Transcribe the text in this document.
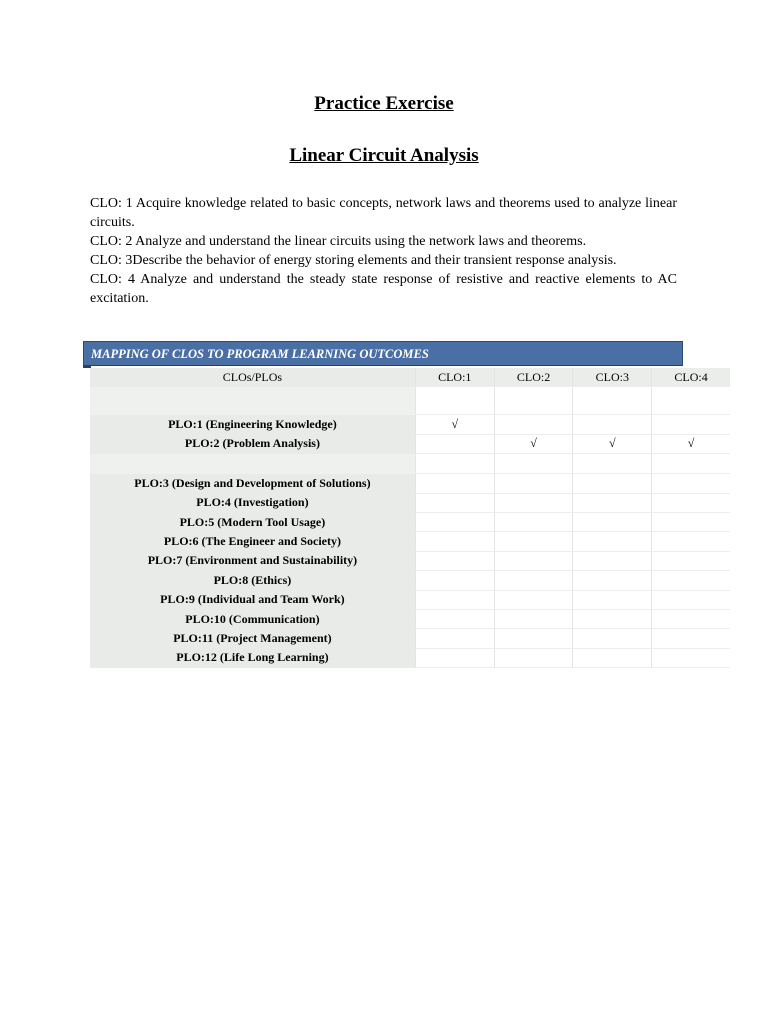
Practice Exercise
Linear Circuit Analysis

CLO: 1 Acquire knowledge related to basic concepts, network laws and theorems used to analyze linear circuits.

CLO: 2 Analyze and understand the linear circuits using the network laws and theorems.

CLO: 3Describe the behavior of energy storing elements and their transient response analysis.

CLO: 4 Analyze and understand the steady state response of resistive and reactive elements to AC excitation.

MAPPING OF CLOS TO PROGRAM LEARNING OUTCOMES
CLOs/PLOs	CLO:1	CLO:2	CLO:3	CLO:4

PLO:1 (Engineering Knowledge)	√			
PLO:2 (Problem Analysis)		√	√	√

PLO:3 (Design and Development of Solutions)				
PLO:4 (Investigation)				
PLO:5 (Modern Tool Usage)				
PLO:6 (The Engineer and Society)				
PLO:7 (Environment and Sustainability)				
PLO:8 (Ethics)				
PLO:9 (Individual and Team Work)				
PLO:10 (Communication)				
PLO:11 (Project Management)				
PLO:12 (Life Long Learning)				
